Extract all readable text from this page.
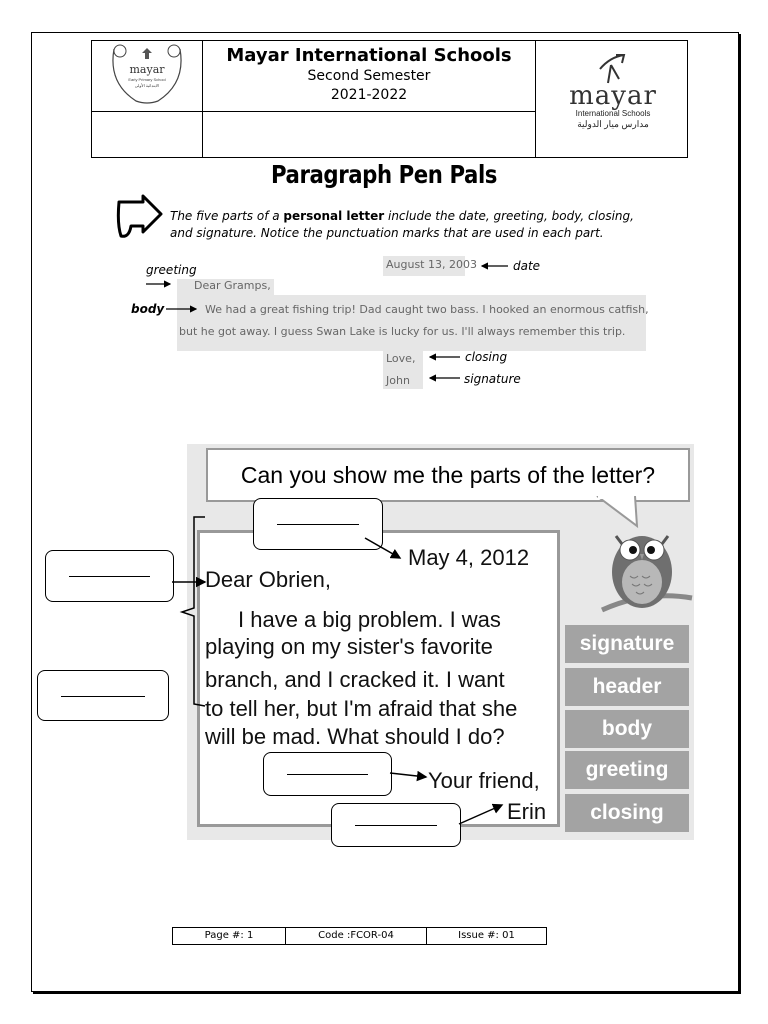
mayar
Early Primary School
الابتدائية الأولى
Mayar International Schools
Second Semester
2021-2022	mayar
International Schools
مدارس ميار الدولية
Paragraph Pen Pals
The five parts of a personal letter include the date, greeting, body, closing, and signature. Notice the punctuation marks that are used in each part.
August 13, 2003	date
greeting
Dear Gramps,
body	We had a great fishing trip! Dad caught two bass. I hooked an enormous catfish,
but he got away. I guess Swan Lake is lucky for us. I'll always remember this trip.
Love,	closing
John	signature
Can you show me the parts of the letter?
May 4, 2012
Dear Obrien,
I have a big problem. I was
playing on my sister's favorite
branch, and I cracked it. I want
to tell her, but I'm afraid that she
will be mad. What should I do?
Your friend,
Erin
signature
header
body
greeting
closing
Page #: 1	Code :FCOR-04	Issue #: 01
